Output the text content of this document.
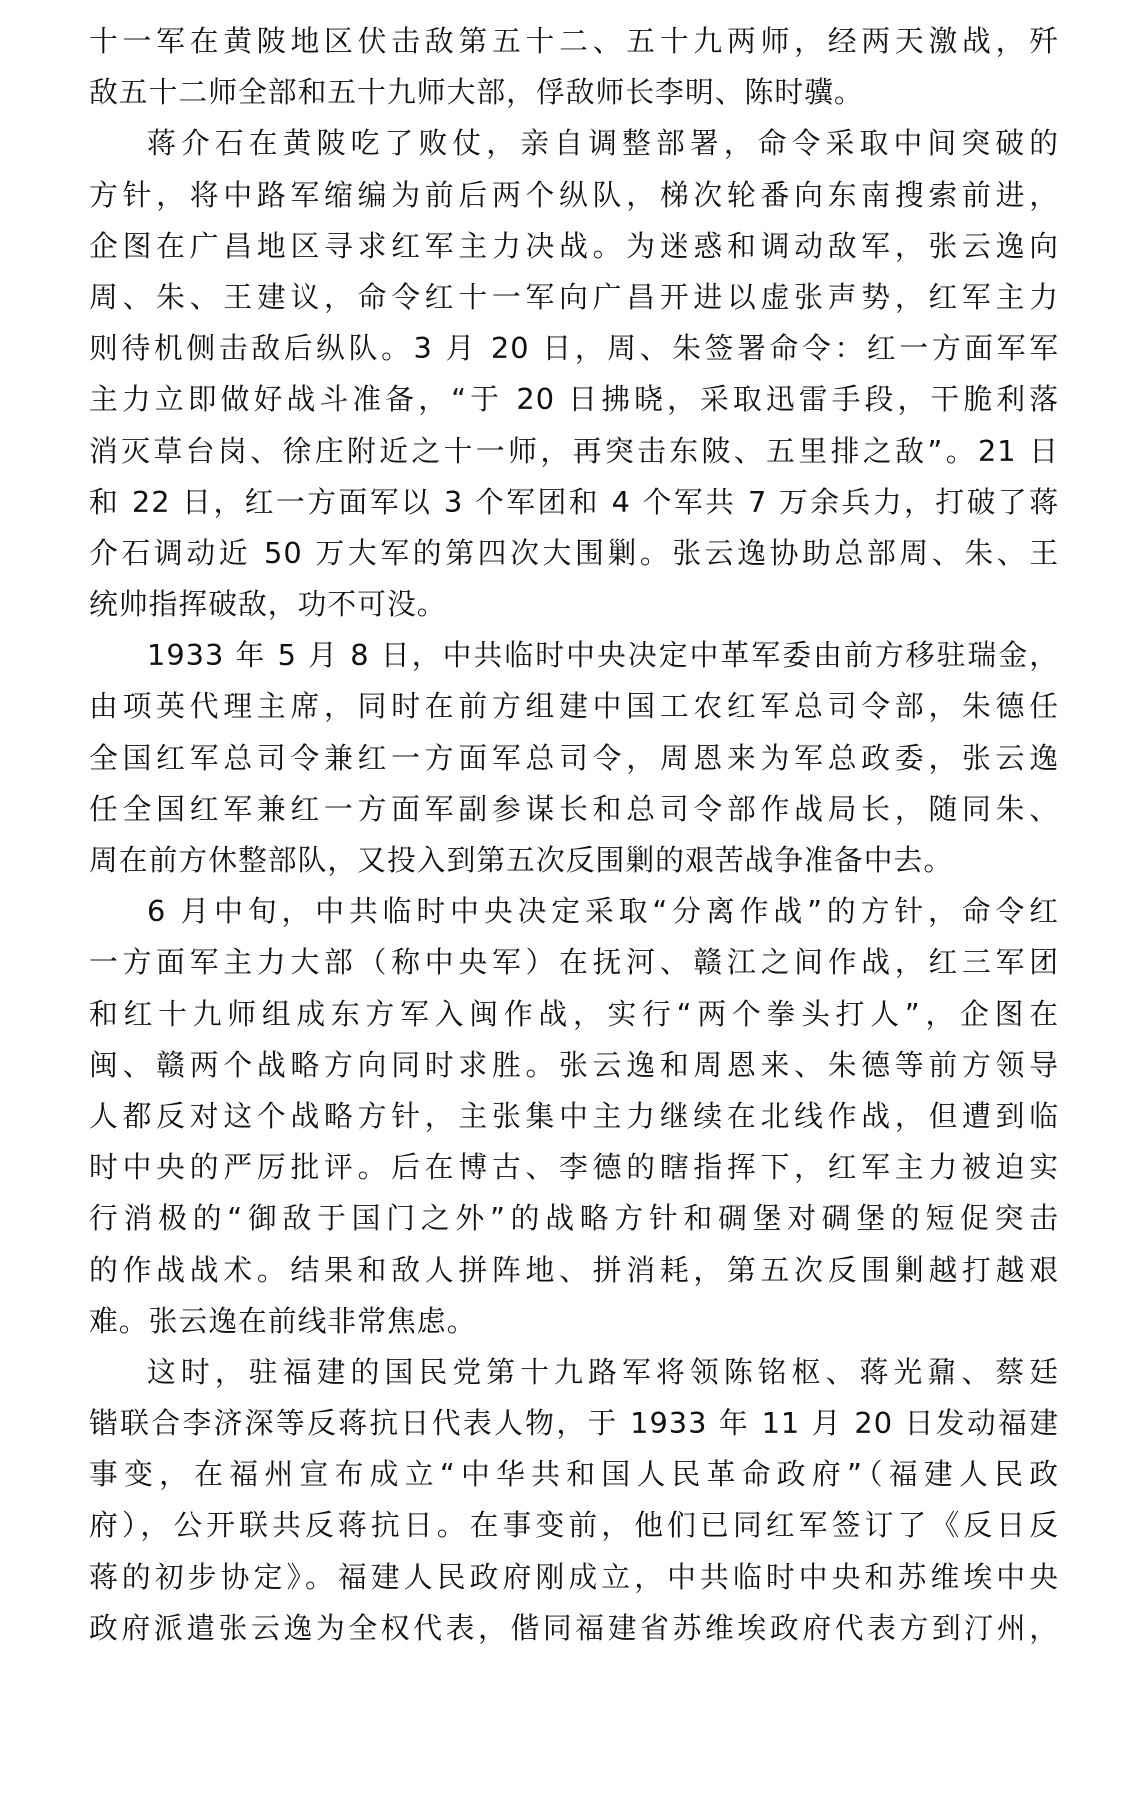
十一军在黄陂地区伏击敌第五十二、五十九两师，经两天激战，歼
敌五十二师全部和五十九师大部，俘敌师长李明、陈时骥。
蒋介石在黄陂吃了败仗，亲自调整部署，命令采取中间突破的
方针，将中路军缩编为前后两个纵队，梯次轮番向东南搜索前进，
企图在广昌地区寻求红军主力决战。为迷惑和调动敌军，张云逸向
周、朱、王建议，命令红十一军向广昌开进以虚张声势，红军主力
则待机侧击敌后纵队。3 月 20 日，周、朱签署命令：红一方面军军
主力立即做好战斗准备，“于 20 日拂晓，采取迅雷手段，干脆利落
消灭草台岗、徐庄附近之十一师，再突击东陂、五里排之敌”。21 日
和 22 日，红一方面军以 3 个军团和 4 个军共 7 万余兵力，打破了蒋
介石调动近 50 万大军的第四次大围剿。张云逸协助总部周、朱、王
统帅指挥破敌，功不可没。
1933 年 5 月 8 日，中共临时中央决定中革军委由前方移驻瑞金，
由项英代理主席，同时在前方组建中国工农红军总司令部，朱德任
全国红军总司令兼红一方面军总司令，周恩来为军总政委，张云逸
任全国红军兼红一方面军副参谋长和总司令部作战局长，随同朱、
周在前方休整部队，又投入到第五次反围剿的艰苦战争准备中去。
6 月中旬，中共临时中央决定采取“分离作战”的方针，命令红
一方面军主力大部（称中央军）在抚河、赣江之间作战，红三军团
和红十九师组成东方军入闽作战，实行“两个拳头打人”，企图在
闽、赣两个战略方向同时求胜。张云逸和周恩来、朱德等前方领导
人都反对这个战略方针，主张集中主力继续在北线作战，但遭到临
时中央的严厉批评。后在博古、李德的瞎指挥下，红军主力被迫实
行消极的“御敌于国门之外”的战略方针和碉堡对碉堡的短促突击
的作战战术。结果和敌人拼阵地、拼消耗，第五次反围剿越打越艰
难。张云逸在前线非常焦虑。
这时，驻福建的国民党第十九路军将领陈铭枢、蒋光鼐、蔡廷
锴联合李济深等反蒋抗日代表人物，于 1933 年 11 月 20 日发动福建
事变，在福州宣布成立“中华共和国人民革命政府”（福建人民政
府），公开联共反蒋抗日。在事变前，他们已同红军签订了《反日反
蒋的初步协定》。福建人民政府刚成立，中共临时中央和苏维埃中央
政府派遣张云逸为全权代表，偕同福建省苏维埃政府代表方到汀州，
